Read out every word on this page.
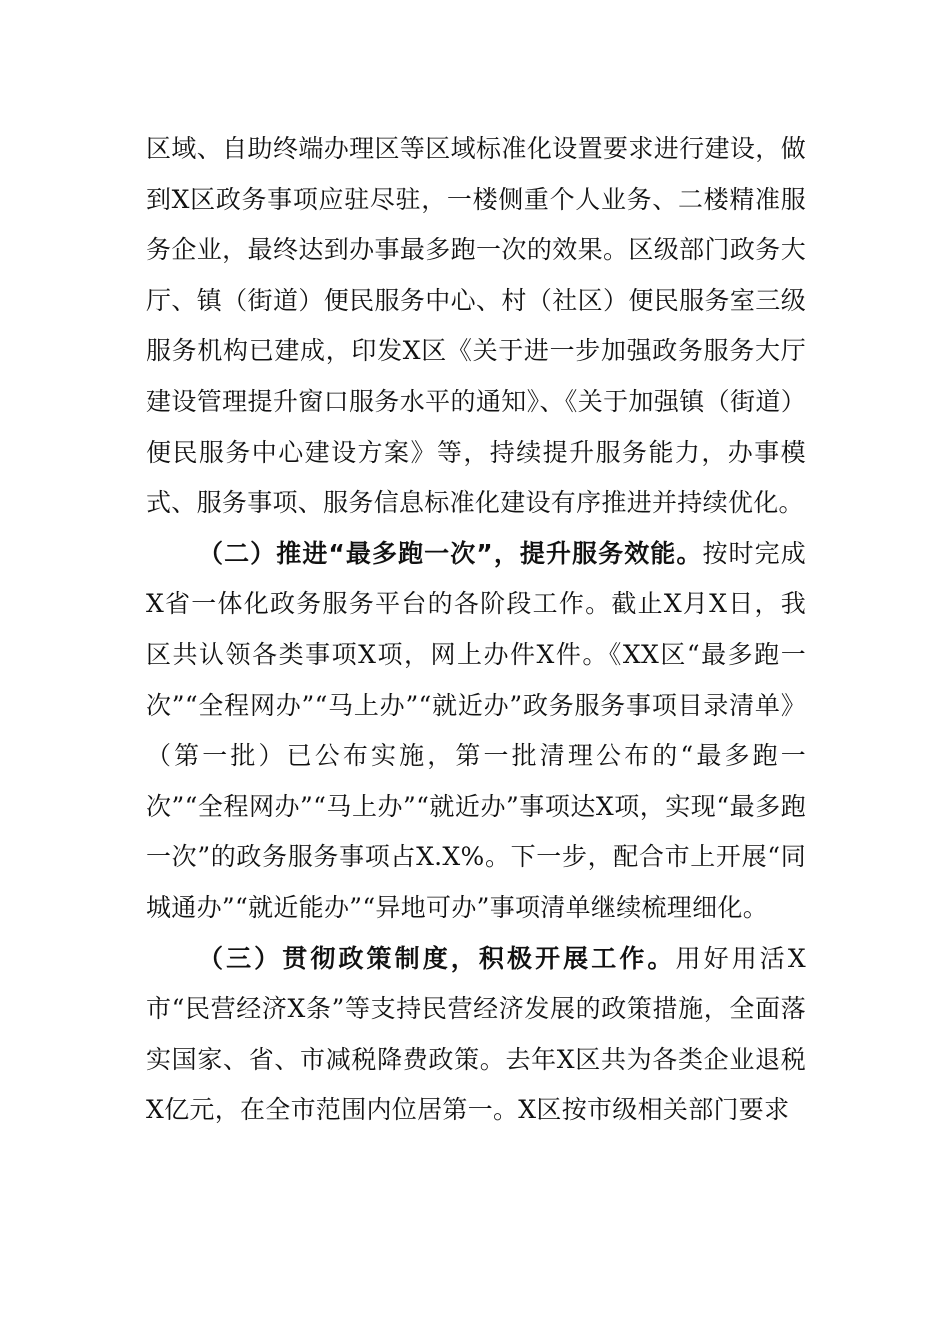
区域、自助终端办理区等区域标准化设置要求进行建设，做到X区政务事项应驻尽驻，一楼侧重个人业务、二楼精准服务企业，最终达到办事最多跑一次的效果。区级部门政务大厅、镇（街道）便民服务中心、村（社区）便民服务室三级服务机构已建成，印发X区《关于进一步加强政务服务大厅建设管理提升窗口服务水平的通知》、《关于加强镇（街道）便民服务中心建设方案》等，持续提升服务能力，办事模式、服务事项、服务信息标准化建设有序推进并持续优化。

（二）推进“最多跑一次”，提升服务效能。按时完成X省一体化政务服务平台的各阶段工作。截止X月X日，我区共认领各类事项X项，网上办件X件。《XX区“最多跑一次”“全程网办”“马上办”“就近办”政务服务事项目录清单》（第一批）已公布实施，第一批清理公布的“最多跑一次”“全程网办”“马上办”“就近办”事项达X项，实现“最多跑一次”的政务服务事项占X.X%。下一步，配合市上开展“同城通办”“就近能办”“异地可办”事项清单继续梳理细化。

（三）贯彻政策制度，积极开展工作。用好用活X市“民营经济X条”等支持民营经济发展的政策措施，全面落实国家、省、市减税降费政策。去年X区共为各类企业退税X亿元，在全市范围内位居第一。X区按市级相关部门要求
